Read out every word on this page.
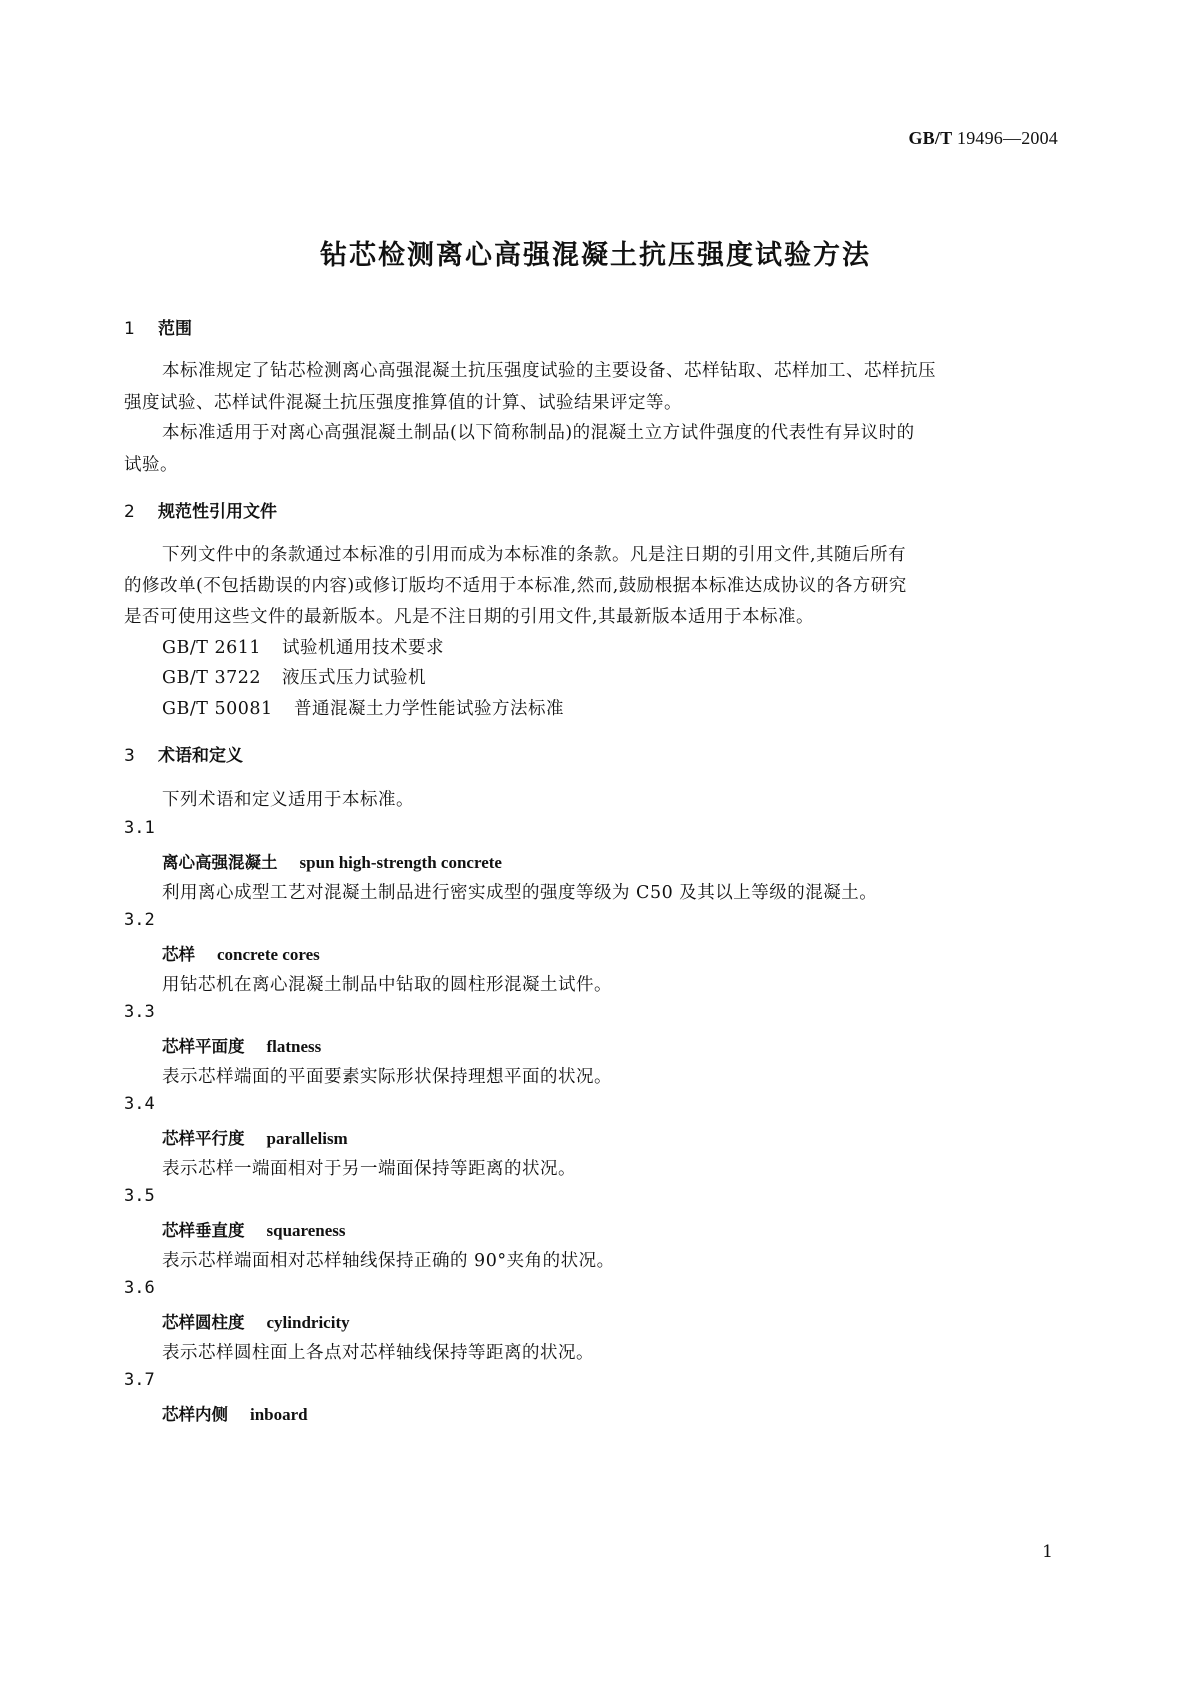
GB/T 19496—2004
钻芯检测离心高强混凝土抗压强度试验方法
1 范围
本标准规定了钻芯检测离心高强混凝土抗压强度试验的主要设备、芯样钻取、芯样加工、芯样抗压
强度试验、芯样试件混凝土抗压强度推算值的计算、试验结果评定等。
本标准适用于对离心高强混凝土制品(以下简称制品)的混凝土立方试件强度的代表性有异议时的
试验。
2 规范性引用文件
下列文件中的条款通过本标准的引用而成为本标准的条款。凡是注日期的引用文件,其随后所有
的修改单(不包括勘误的内容)或修订版均不适用于本标准,然而,鼓励根据本标准达成协议的各方研究
是否可使用这些文件的最新版本。凡是不注日期的引用文件,其最新版本适用于本标准。
GB/T 2611 试验机通用技术要求
GB/T 3722 液压式压力试验机
GB/T 50081 普通混凝土力学性能试验方法标准
3 术语和定义
下列术语和定义适用于本标准。
3.1
离心高强混凝土 spun high-strength concrete
利用离心成型工艺对混凝土制品进行密实成型的强度等级为 C50 及其以上等级的混凝土。
3.2
芯样 concrete cores
用钻芯机在离心混凝土制品中钻取的圆柱形混凝土试件。
3.3
芯样平面度 flatness
表示芯样端面的平面要素实际形状保持理想平面的状况。
3.4
芯样平行度 parallelism
表示芯样一端面相对于另一端面保持等距离的状况。
3.5
芯样垂直度 squareness
表示芯样端面相对芯样轴线保持正确的 90°夹角的状况。
3.6
芯样圆柱度 cylindricity
表示芯样圆柱面上各点对芯样轴线保持等距离的状况。
3.7
芯样内侧 inboard
1
